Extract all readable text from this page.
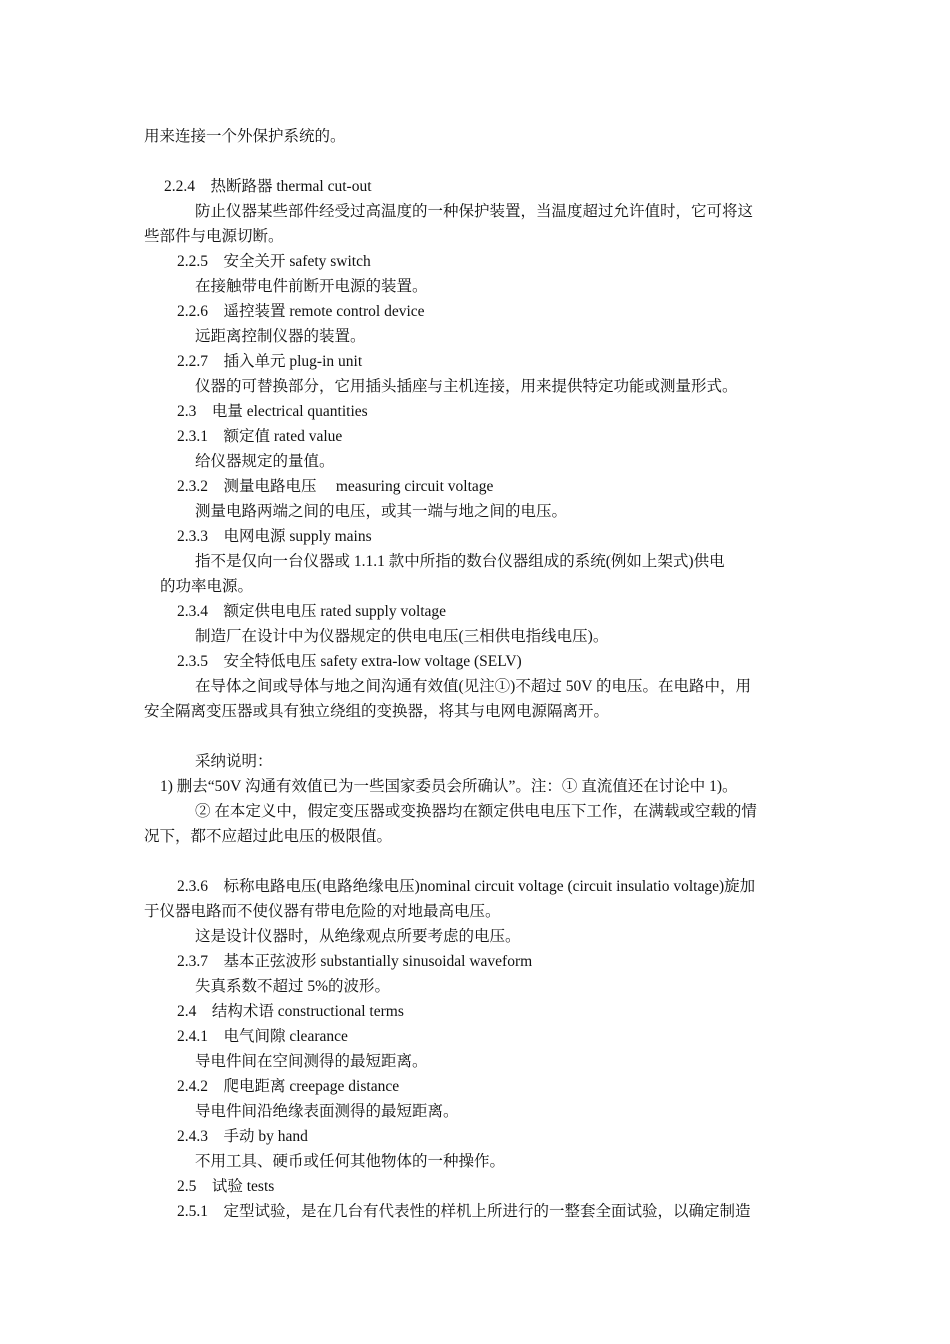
用来连接一个外保护系统的。
2.2.4　热断路器 thermal cut-out
防止仪器某些部件经受过高温度的一种保护装置，当温度超过允许值时，它可将这
些部件与电源切断。
2.2.5　安全关开 safety switch
在接触带电件前断开电源的装置。
2.2.6　遥控装置 remote control device
远距离控制仪器的装置。
2.2.7　插入单元 plug-in unit
仪器的可替换部分，它用插头插座与主机连接，用来提供特定功能或测量形式。
2.3　电量 electrical quantities
2.3.1　额定值 rated value
给仪器规定的量值。
2.3.2　测量电路电压　 measuring circuit voltage
测量电路两端之间的电压，或其一端与地之间的电压。
2.3.3　电网电源 supply mains
指不是仅向一台仪器或 1.1.1 款中所指的数台仪器组成的系统(例如上架式)供电
的功率电源。
2.3.4　额定供电电压 rated supply voltage
制造厂在设计中为仪器规定的供电电压(三相供电指线电压)。
2.3.5　安全特低电压 safety extra-low voltage (SELV)
在导体之间或导体与地之间沟通有效值(见注①)不超过 50V 的电压。在电路中，用
安全隔离变压器或具有独立绕组的变换器，将其与电网电源隔离开。
采纳说明：
1) 删去“50V 沟通有效值已为一些国家委员会所确认”。注：① 直流值还在讨论中 1)。
② 在本定义中，假定变压器或变换器均在额定供电电压下工作，在满载或空载的情
况下，都不应超过此电压的极限值。
2.3.6　标称电路电压(电路绝缘电压)nominal circuit voltage (circuit insulatio voltage)旋加
于仪器电路而不使仪器有带电危险的对地最高电压。
这是设计仪器时，从绝缘观点所要考虑的电压。
2.3.7　基本正弦波形 substantially sinusoidal waveform
失真系数不超过 5%的波形。
2.4　结构术语 constructional terms
2.4.1　电气间隙 clearance
导电件间在空间测得的最短距离。
2.4.2　爬电距离 creepage distance
导电件间沿绝缘表面测得的最短距离。
2.4.3　手动 by hand
不用工具、硬币或任何其他物体的一种操作。
2.5　试验 tests
2.5.1　定型试验，是在几台有代表性的样机上所进行的一整套全面试验，以确定制造
